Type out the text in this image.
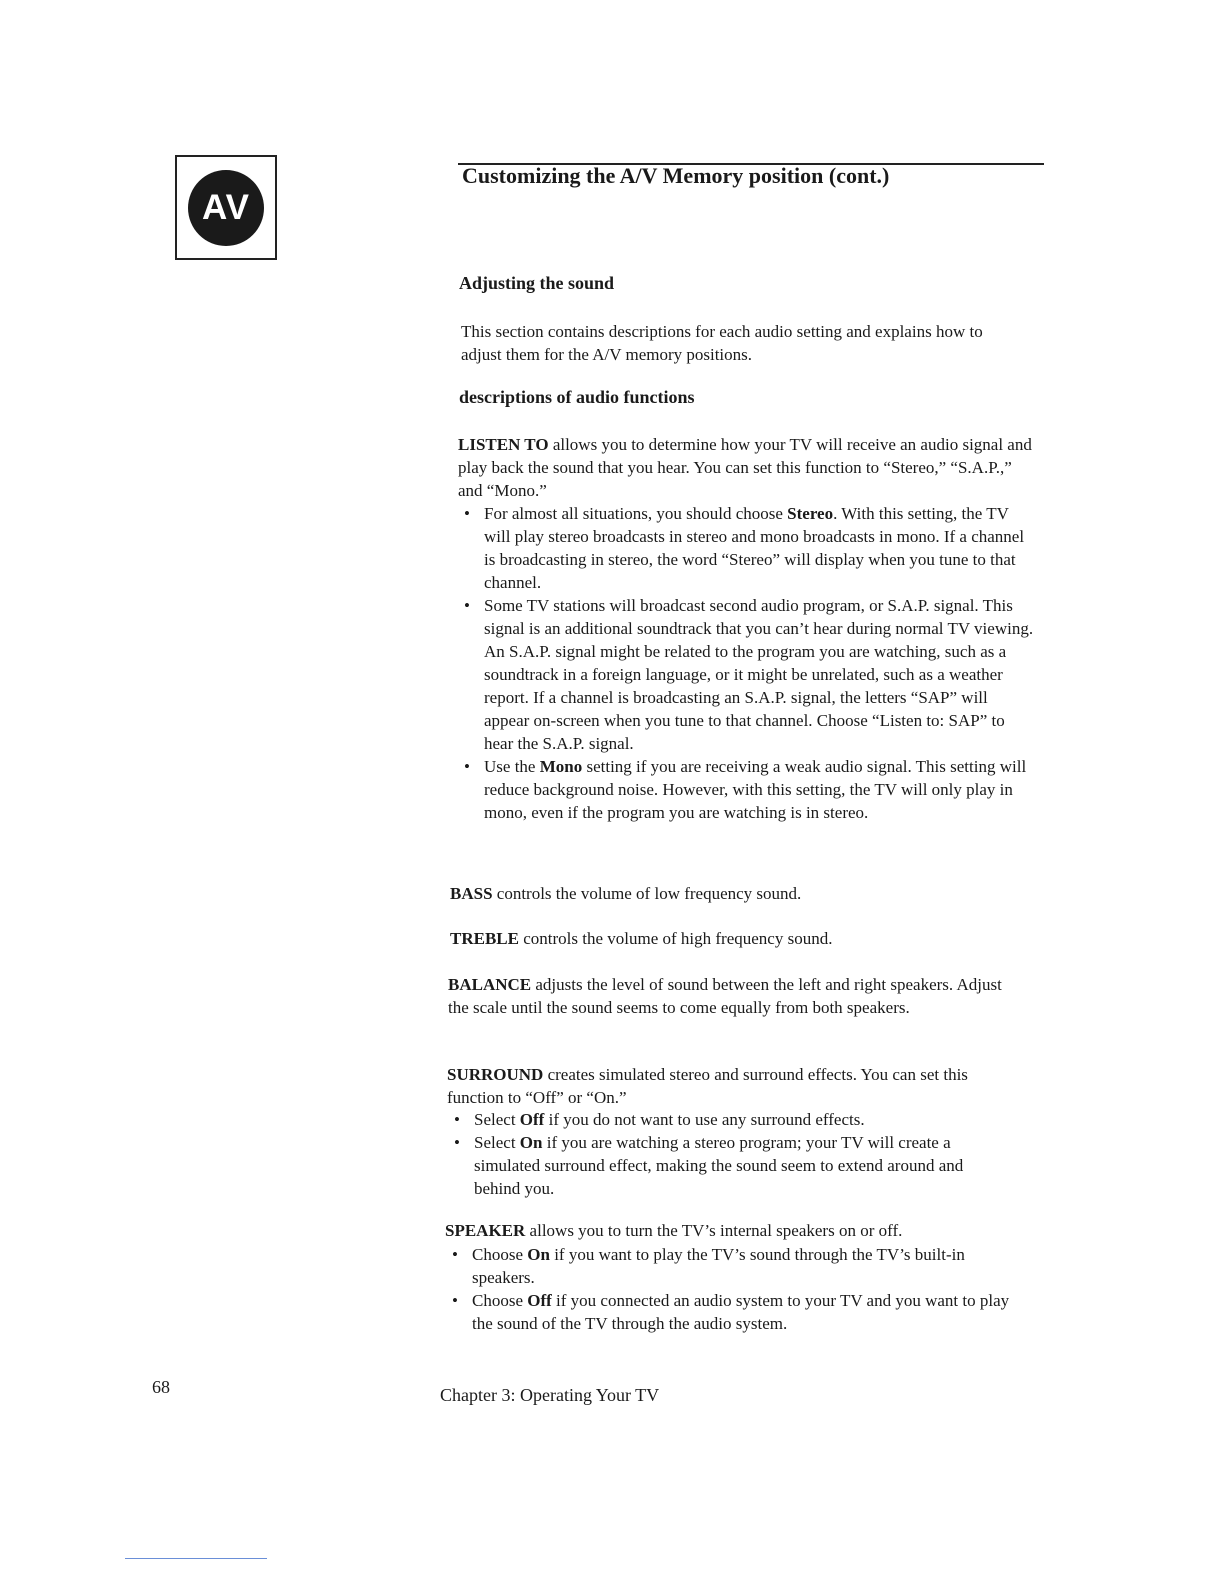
AV
Customizing the A/V Memory position (cont.)
Adjusting the sound

This section contains descriptions for each audio setting and explains how to adjust them for the A/V memory positions.

descriptions of audio functions

LISTEN TO allows you to determine how your TV will receive an audio signal and play back the sound that you hear. You can set this function to “Stereo,” “S.A.P.,” and “Mono.”

• For almost all situations, you should choose Stereo. With this setting, the TV will play stereo broadcasts in stereo and mono broadcasts in mono. If a channel is broadcasting in stereo, the word “Stereo” will display when you tune to that channel.
• Some TV stations will broadcast second audio program, or S.A.P. signal. This signal is an additional soundtrack that you can’t hear during normal TV viewing. An S.A.P. signal might be related to the program you are watching, such as a soundtrack in a foreign language, or it might be unrelated, such as a weather report. If a channel is broadcasting an S.A.P. signal, the letters “SAP” will appear on-screen when you tune to that channel. Choose “Listen to: SAP” to hear the S.A.P. signal.
• Use the Mono setting if you are receiving a weak audio signal. This setting will reduce background noise. However, with this setting, the TV will only play in mono, even if the program you are watching is in stereo.

BASS controls the volume of low frequency sound.

TREBLE controls the volume of high frequency sound.

BALANCE adjusts the level of sound between the left and right speakers. Adjust the scale until the sound seems to come equally from both speakers.

SURROUND creates simulated stereo and surround effects. You can set this function to “Off” or “On.”

• Select Off if you do not want to use any surround effects.
• Select On if you are watching a stereo program; your TV will create a simulated surround effect, making the sound seem to extend around and behind you.

SPEAKER allows you to turn the TV’s internal speakers on or off.

• Choose On if you want to play the TV’s sound through the TV’s built-in speakers.
• Choose Off if you connected an audio system to your TV and you want to play the sound of the TV through the audio system.
68	Chapter 3: Operating Your TV
